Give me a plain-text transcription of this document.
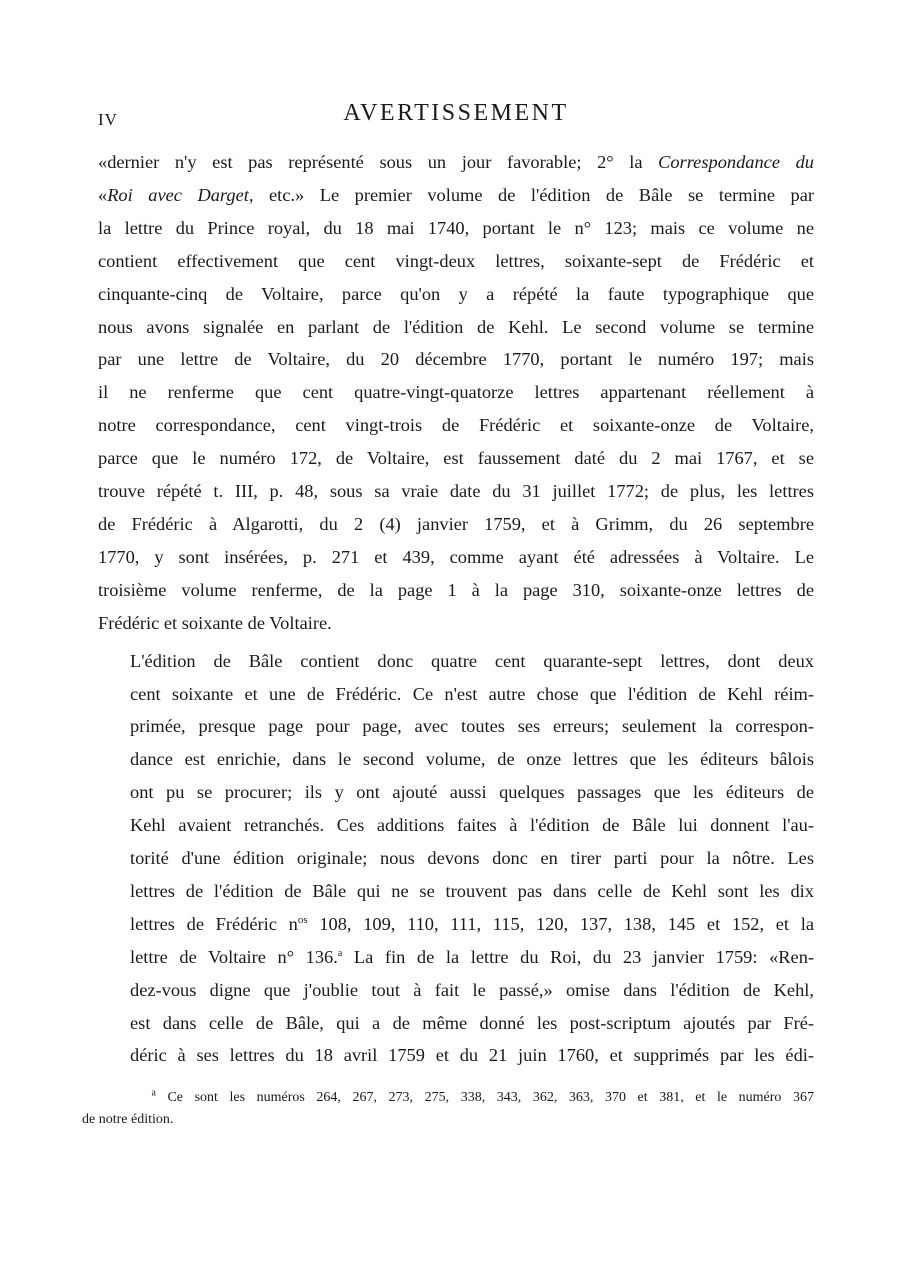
IV	AVERTISSEMENT

«dernier n'y est pas représenté sous un jour favorable; 2° la Correspondance du
«Roi avec Darget, etc.» Le premier volume de l'édition de Bâle se termine par
la lettre du Prince royal, du 18 mai 1740, portant le n° 123; mais ce volume ne
contient effectivement que cent vingt-deux lettres, soixante-sept de Frédéric et
cinquante-cinq de Voltaire, parce qu'on y a répété la faute typographique que
nous avons signalée en parlant de l'édition de Kehl. Le second volume se termine
par une lettre de Voltaire, du 20 décembre 1770, portant le numéro 197; mais
il ne renferme que cent quatre-vingt-quatorze lettres appartenant réellement à
notre correspondance, cent vingt-trois de Frédéric et soixante-onze de Voltaire,
parce que le numéro 172, de Voltaire, est faussement daté du 2 mai 1767, et se
trouve répété t. III, p. 48, sous sa vraie date du 31 juillet 1772; de plus, les lettres
de Frédéric à Algarotti, du 2 (4) janvier 1759, et à Grimm, du 26 septembre
1770, y sont insérées, p. 271 et 439, comme ayant été adressées à Voltaire. Le
troisième volume renferme, de la page 1 à la page 310, soixante-onze lettres de
Frédéric et soixante de Voltaire.

L'édition de Bâle contient donc quatre cent quarante-sept lettres, dont deux
cent soixante et une de Frédéric. Ce n'est autre chose que l'édition de Kehl réim-
primée, presque page pour page, avec toutes ses erreurs; seulement la correspon-
dance est enrichie, dans le second volume, de onze lettres que les éditeurs bâlois
ont pu se procurer; ils y ont ajouté aussi quelques passages que les éditeurs de
Kehl avaient retranchés. Ces additions faites à l'édition de Bâle lui donnent l'au-
torité d'une édition originale; nous devons donc en tirer parti pour la nôtre. Les
lettres de l'édition de Bâle qui ne se trouvent pas dans celle de Kehl sont les dix
lettres de Frédéric $n^{os}$ 108, 109, 110, 111, 115, 120, 137, 138, 145 et 152, et la
lettre de Voltaire n° 136.$^a$ La fin de la lettre du Roi, du 23 janvier 1759: «Ren-
dez-vous digne que j'oublie tout à fait le passé,» omise dans l'édition de Kehl,
est dans celle de Bâle, qui a de même donné les post-scriptum ajoutés par Fré-
déric à ses lettres du 18 avril 1759 et du 21 juin 1760, et supprimés par les édi-

$^a$ Ce sont les numéros 264, 267, 273, 275, 338, 343, 362, 363, 370 et 381, et le numéro 367
de notre édition.
